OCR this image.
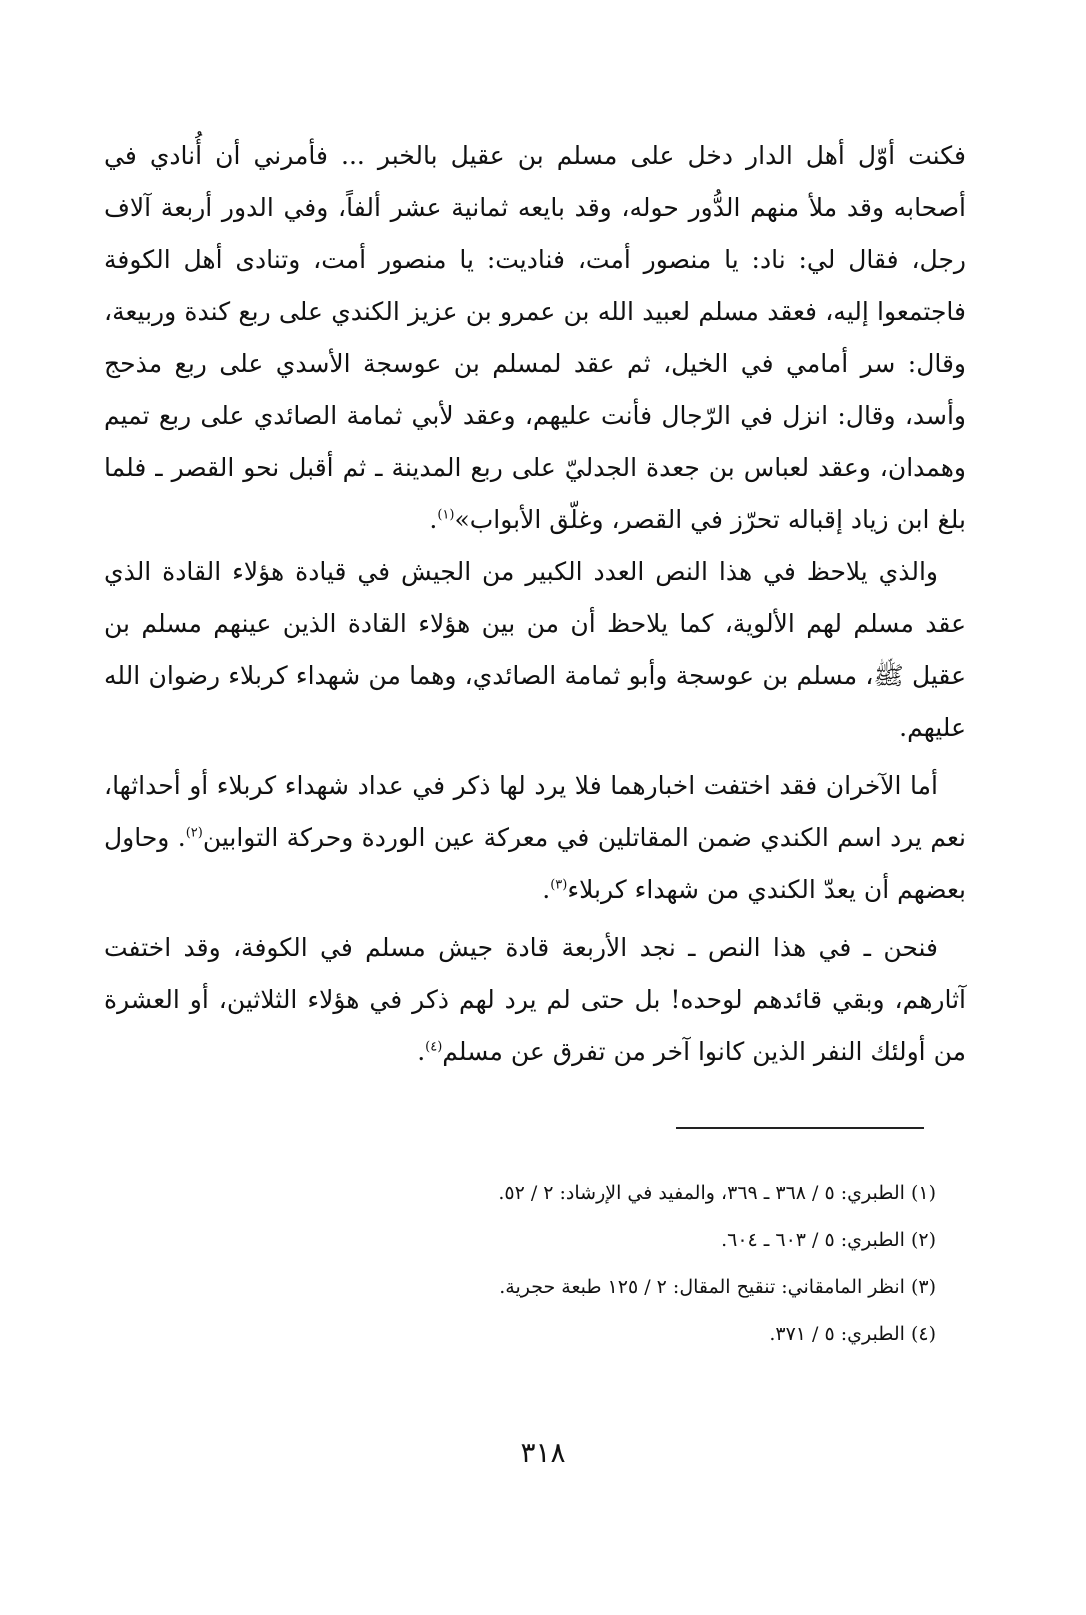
فكنت أوّل أهل الدار دخل على مسلم بن عقيل بالخبر ... فأمرني أن أُنادي في أصحابه وقد ملأ منهم الدُّور حوله، وقد بايعه ثمانية عشر ألفاً، وفي الدور أربعة آلاف رجل، فقال لي: ناد: يا منصور أمت، فناديت: يا منصور أمت، وتنادى أهل الكوفة فاجتمعوا إليه، فعقد مسلم لعبيد الله بن عمرو بن عزيز الكندي على ربع كندة وربيعة، وقال: سر أمامي في الخيل، ثم عقد لمسلم بن عوسجة الأسدي على ربع مذحج وأسد، وقال: انزل في الرّجال فأنت عليهم، وعقد لأبي ثمامة الصائدي على ربع تميم وهمدان، وعقد لعباس بن جعدة الجدليّ على ربع المدينة ـ ثم أقبل نحو القصر ـ فلما بلغ ابن زياد إقباله تحرّز في القصر، وغلّق الأبواب»$^{(١)}$.

والذي يلاحظ في هذا النص العدد الكبير من الجيش في قيادة هؤلاء القادة الذي عقد مسلم لهم الألوية، كما يلاحظ أن من بين هؤلاء القادة الذين عينهم مسلم بن عقيل ﷺ، مسلم بن عوسجة وأبو ثمامة الصائدي، وهما من شهداء كربلاء رضوان الله عليهم.

أما الآخران فقد اختفت اخبارهما فلا يرد لها ذكر في عداد شهداء كربلاء أو أحداثها، نعم يرد اسم الكندي ضمن المقاتلين في معركة عين الوردة وحركة التوابين$^{(٢)}$. وحاول بعضهم أن يعدّ الكندي من شهداء كربلاء$^{(٣)}$.

فنحن ـ في هذا النص ـ نجد الأربعة قادة جيش مسلم في الكوفة، وقد اختفت آثارهم، وبقي قائدهم لوحده! بل حتى لم يرد لهم ذكر في هؤلاء الثلاثين، أو العشرة من أولئك النفر الذين كانوا آخر من تفرق عن مسلم$^{(٤)}$.

(١) الطبري: ٥ / ٣٦٨ ـ ٣٦٩، والمفيد في الإرشاد: ٢ / ٥٢.
(٢) الطبري: ٥ / ٦٠٣ ـ ٦٠٤.
(٣) انظر المامقاني: تنقيح المقال: ٢ / ١٢٥ طبعة حجرية.
(٤) الطبري: ٥ / ٣٧١.
٣١٨
